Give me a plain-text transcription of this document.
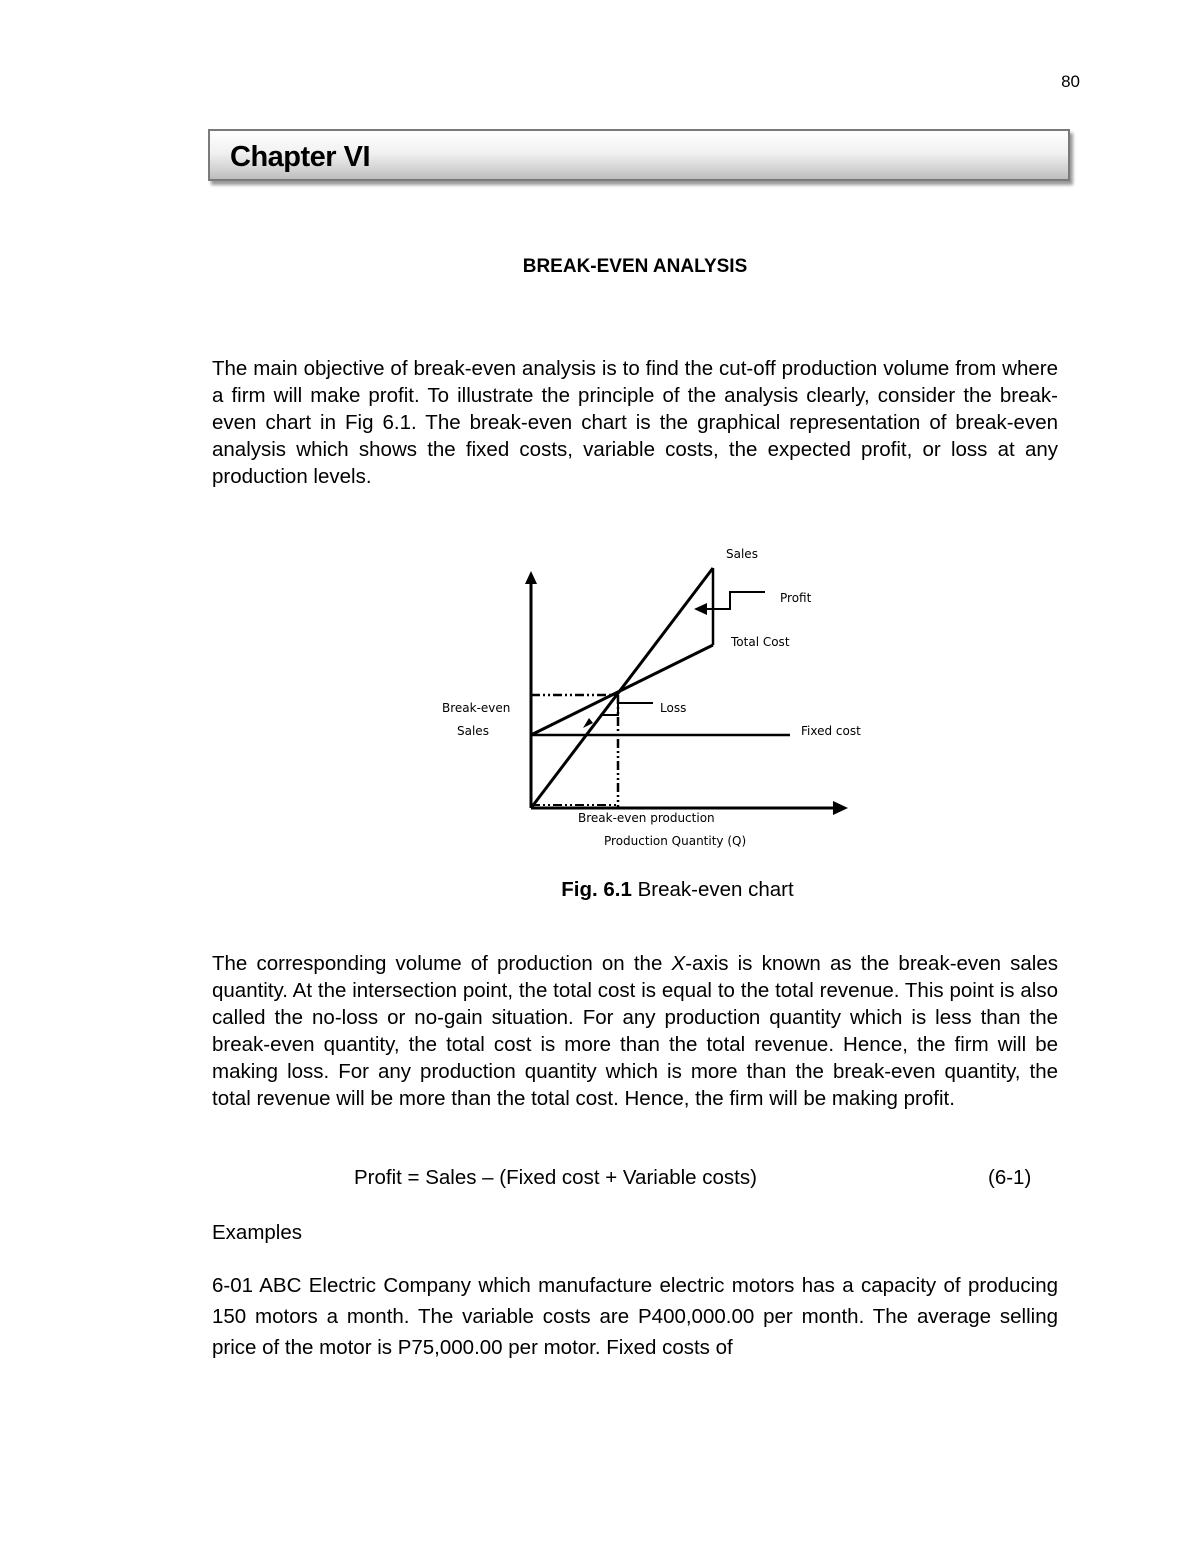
80
Chapter VI
BREAK-EVEN ANALYSIS

The main objective of break-even analysis is to find the cut-off production volume from where a firm will make profit. To illustrate the principle of the analysis clearly, consider the break-even chart in Fig 6.1. The break-even chart is the graphical representation of break-even analysis which shows the fixed costs, variable costs, the expected profit, or loss at any production levels.

Sales
Profit
Total Cost
Loss
Fixed cost
Break-even
Sales
Break-even production
Production Quantity (Q)
Fig. 6.1 Break-even chart

The corresponding volume of production on the X-axis is known as the break-even sales quantity. At the intersection point, the total cost is equal to the total revenue. This point is also called the no-loss or no-gain situation. For any production quantity which is less than the break-even quantity, the total cost is more than the total revenue. Hence, the firm will be making loss. For any production quantity which is more than the break-even quantity, the total revenue will be more than the total cost. Hence, the firm will be making profit.

Profit = Sales – (Fixed cost + Variable costs)	(6-1)
Examples

6-01 ABC Electric Company which manufacture electric motors has a capacity of producing 150 motors a month. The variable costs are P400,000.00 per month. The average selling price of the motor is P75,000.00 per motor. Fixed costs of
